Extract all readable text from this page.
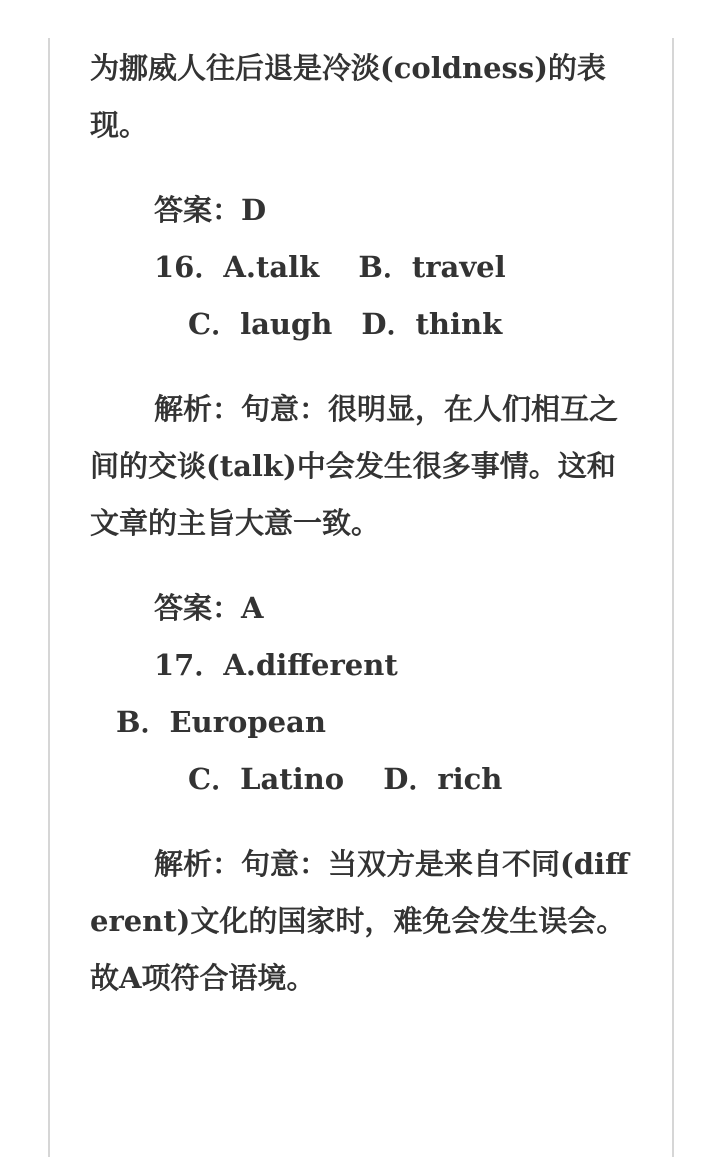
为挪威人往后退是冷淡(coldness)的表现。

答案：D

16．A.talk　 B．travel

C．laugh　D．think

解析：句意：很明显，在人们相互之间的交谈(talk)中会发生很多事情。这和文章的主旨大意一致。

答案：A

17．A.different

B．European

C．Latino　 D．rich

解析：句意：当双方是来自不同(different)文化的国家时，难免会发生误会。故A项符合语境。
